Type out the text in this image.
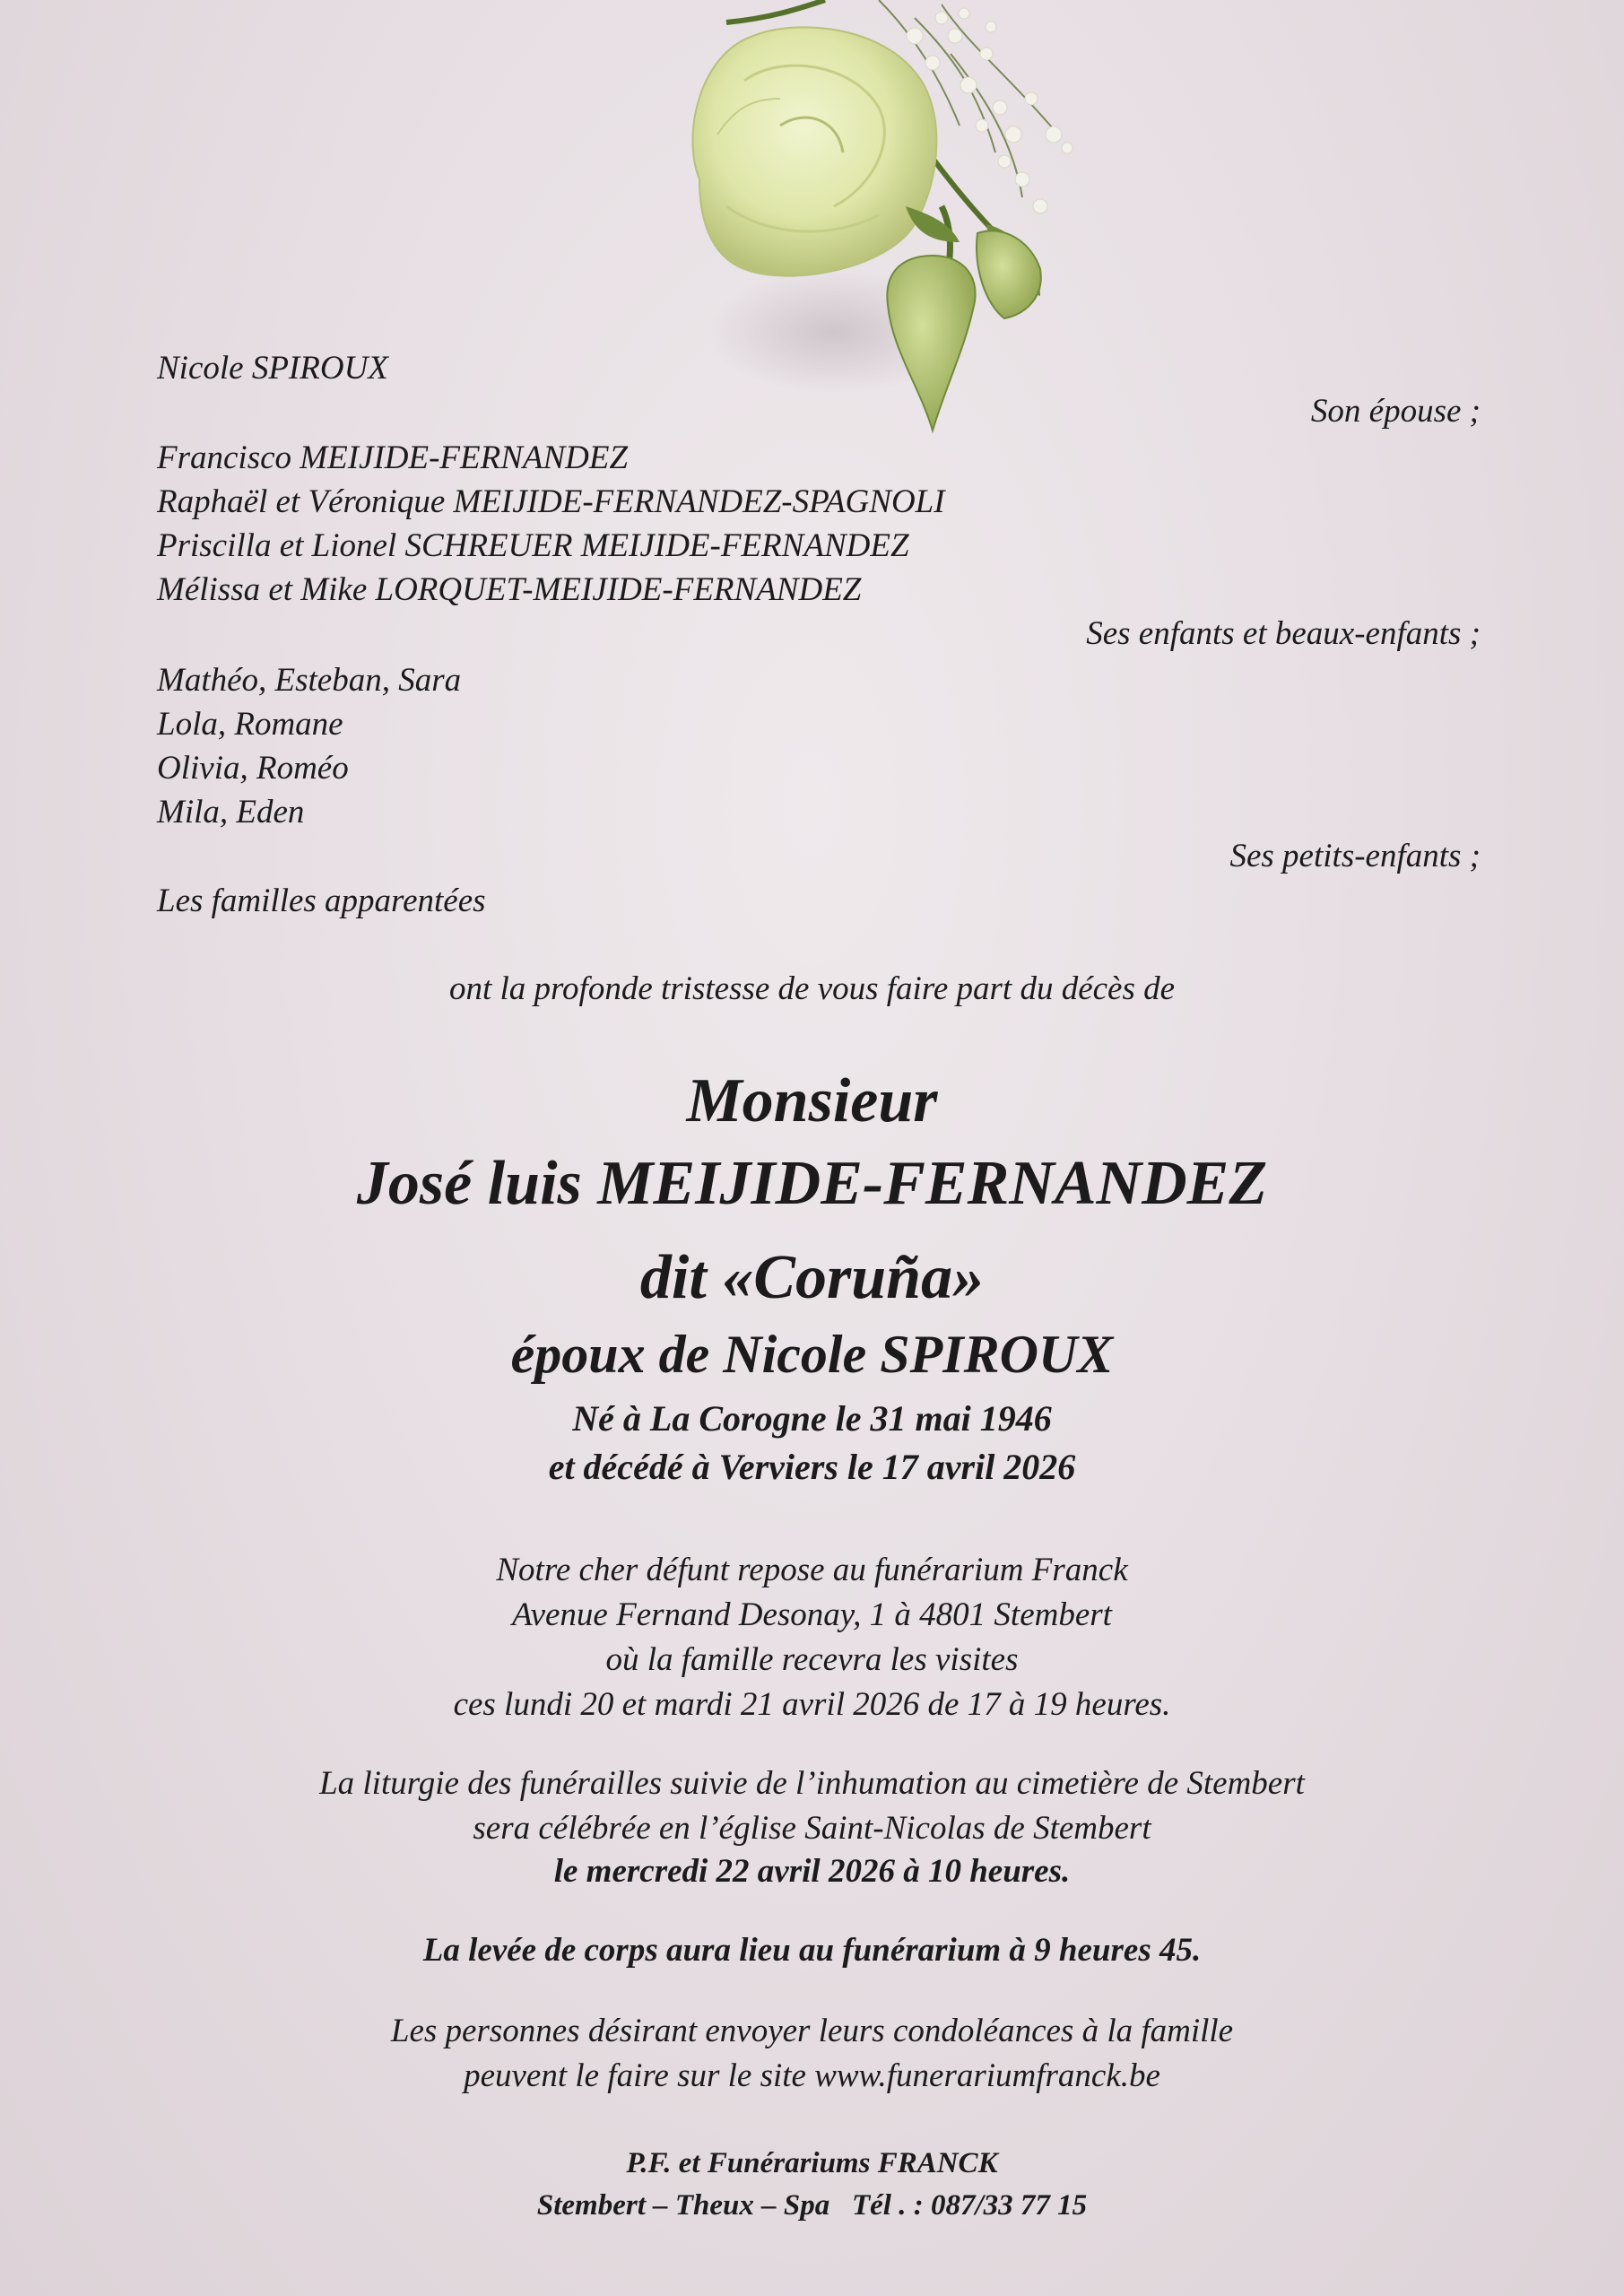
Nicole SPIROUX
Son épouse ;
Francisco MEIJIDE-FERNANDEZ
Raphaël et Véronique MEIJIDE-FERNANDEZ-SPAGNOLI
Priscilla et Lionel SCHREUER MEIJIDE-FERNANDEZ
Mélissa et Mike LORQUET-MEIJIDE-FERNANDEZ
Ses enfants et beaux-enfants ;
Mathéo, Esteban, Sara
Lola, Romane
Olivia, Roméo
Mila, Eden
Ses petits-enfants ;
Les familles apparentées
ont la profonde tristesse de vous faire part du décès de
Monsieur
José luis MEIJIDE-FERNANDEZ
dit «Coruña»
époux de Nicole SPIROUX
Né à La Corogne le 31 mai 1946
et décédé à Verviers le 17 avril 2026
Notre cher défunt repose au funérarium Franck
Avenue Fernand Desonay, 1 à 4801 Stembert
où la famille recevra les visites
ces lundi 20 et mardi 21 avril 2026 de 17 à 19 heures.
La liturgie des funérailles suivie de l’inhumation au cimetière de Stembert
sera célébrée en l’église Saint-Nicolas de Stembert
le mercredi 22 avril 2026 à 10 heures.
La levée de corps aura lieu au funérarium à 9 heures 45.
Les personnes désirant envoyer leurs condoléances à la famille
peuvent le faire sur le site www.funerariumfranck.be
P.F. et Funérariums FRANCK
Stembert – Theux – Spa   Tél . : 087/33 77 15
